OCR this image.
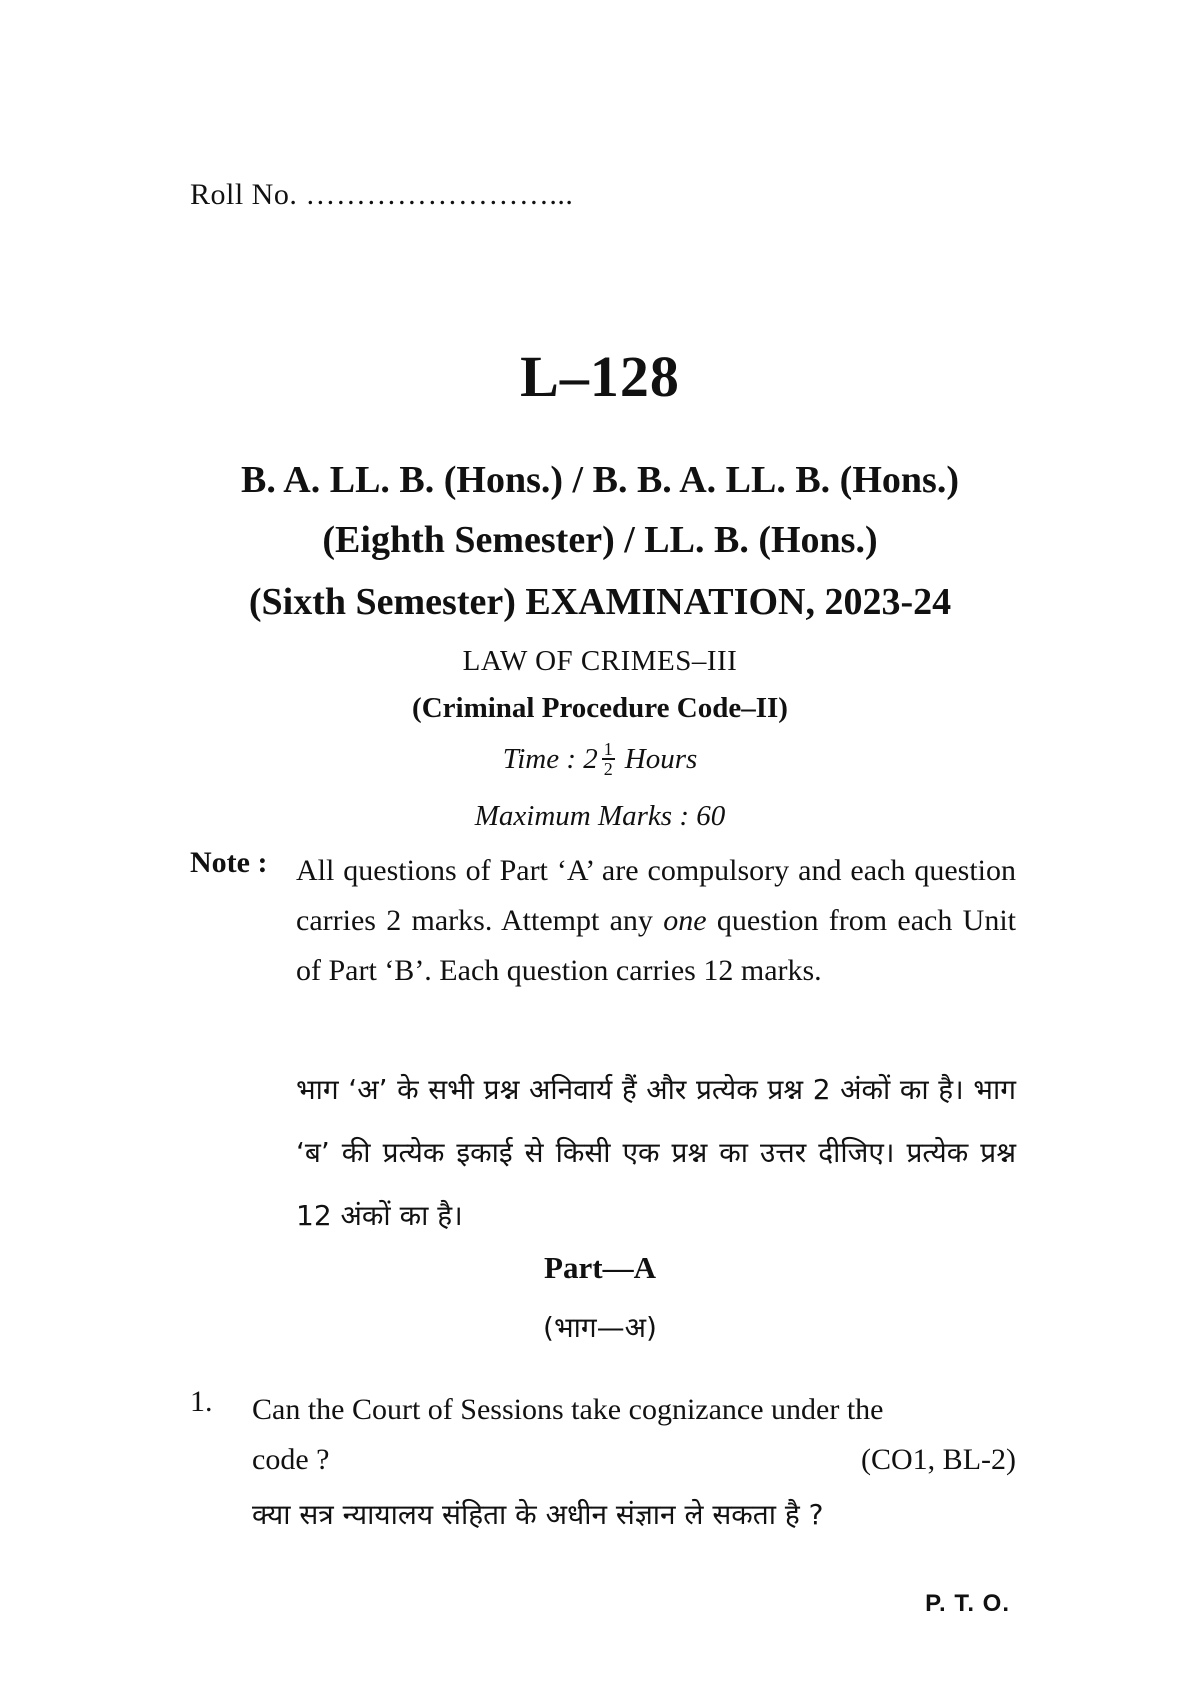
Roll No. ……………………...
L–128
B. A. LL. B. (Hons.) / B. B. A. LL. B. (Hons.)
(Eighth Semester) / LL. B. (Hons.)
(Sixth Semester) EXAMINATION, 2023-24
LAW OF CRIMES–III
(Criminal Procedure Code–II)
Time : $2 \frac{1}{2}$ Hours
Maximum Marks : 60
Note : All questions of Part ‘A’ are compulsory and each question carries 2 marks. Attempt any one question from each Unit of Part ‘B’. Each question carries 12 marks.
भाग ‘अ’ के सभी प्रश्न अनिवार्य हैं और प्रत्येक प्रश्न 2 अंकों का है। भाग ‘ब’ की प्रत्येक इकाई से किसी एक प्रश्न का उत्तर दीजिए। प्रत्येक प्रश्न 12 अंकों का है।
Part—A
(भाग—अ)
1. Can the Court of Sessions take cognizance under the
code ?	(CO1, BL-2)
क्या सत्र न्यायालय संहिता के अधीन संज्ञान ले सकता है ?
P. T. O.
